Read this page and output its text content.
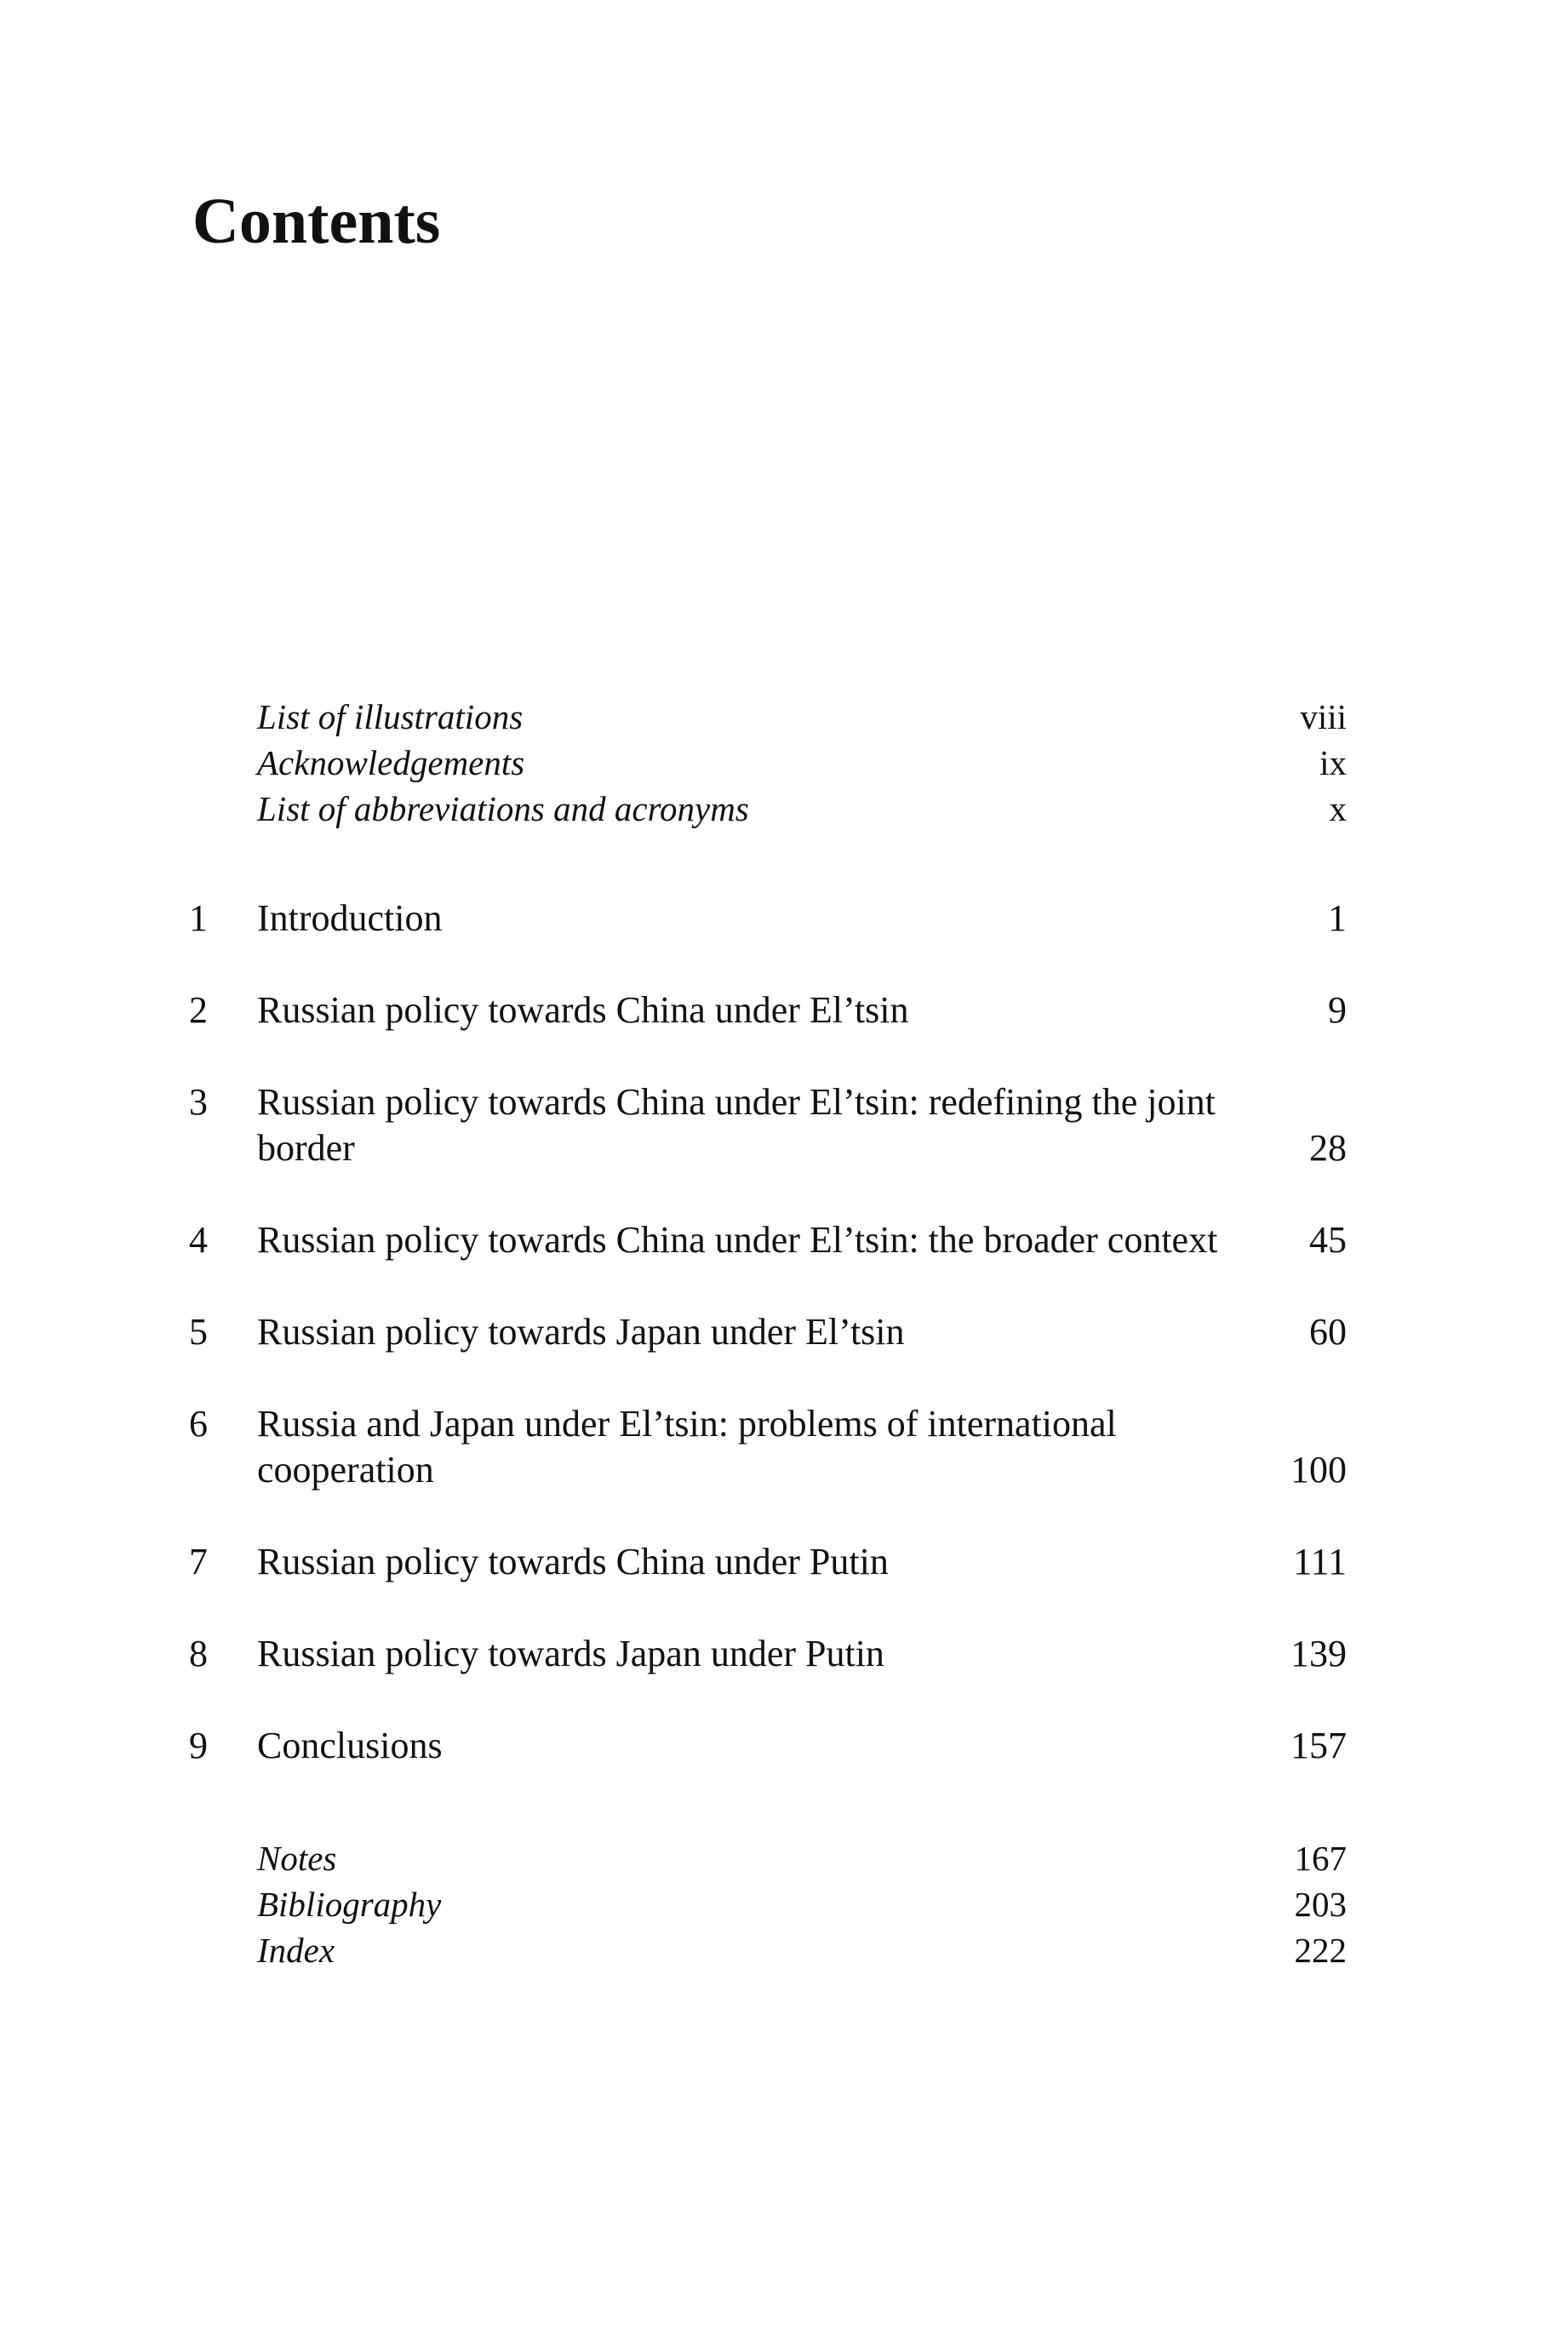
Contents
List of illustrations	viii
Acknowledgements	ix
List of abbreviations and acronyms	x
1	Introduction	1
2	Russian policy towards China under El’tsin	9
3	Russian policy towards China under El’tsin: redefining the joint border	28
4	Russian policy towards China under El’tsin: the broader context	45
5	Russian policy towards Japan under El’tsin	60
6	Russia and Japan under El’tsin: problems of international cooperation	100
7	Russian policy towards China under Putin	111
8	Russian policy towards Japan under Putin	139
9	Conclusions	157
Notes	167
Bibliography	203
Index	222
